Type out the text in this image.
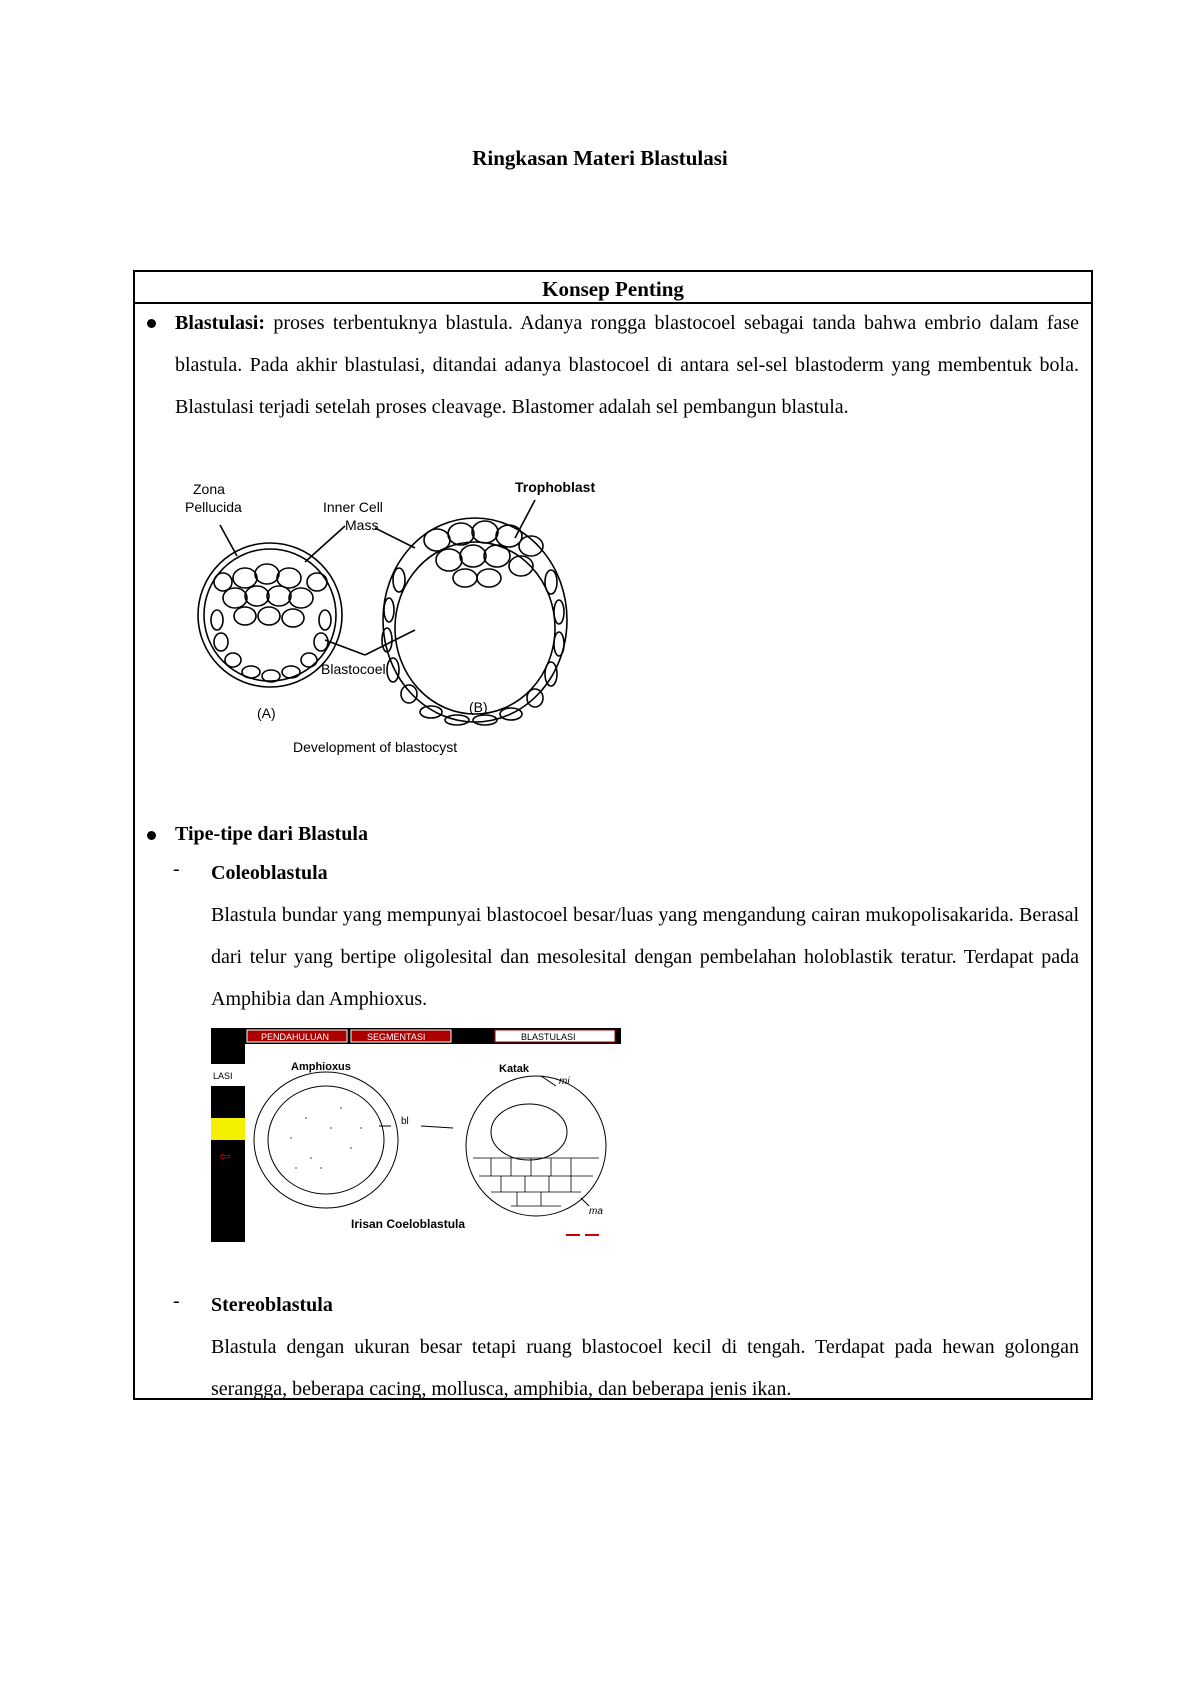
Ringkasan Materi Blastulasi
Konsep Penting
Blastulasi: proses terbentuknya blastula. Adanya rongga blastocoel sebagai tanda bahwa embrio dalam fase blastula. Pada akhir blastulasi, ditandai adanya blastocoel di antara sel-sel blastoderm yang membentuk bola. Blastulasi terjadi setelah proses cleavage. Blastomer adalah sel pembangun blastula.
Zona
Pellucida	Inner Cell
Mass
Trophoblast
Blastocoel
(A)	(B)
Development of blastocyst
Tipe-tipe dari Blastula
- Coleoblastula
Blastula bundar yang mempunyai blastocoel besar/luas yang mengandung cairan mukopolisakarida. Berasal dari telur yang bertipe oligolesital dan mesolesital dengan pembelahan holoblastik teratur. Terdapat pada Amphibia dan Amphioxus.
PENDAHULUAN	SEGMENTASI	BLASTULASI
LASI
⇦
Amphioxus	Katak
bl
mi
ma
Irisan Coeloblastula
- Stereoblastula
Blastula dengan ukuran besar tetapi ruang blastocoel kecil di tengah. Terdapat pada hewan golongan serangga, beberapa cacing, mollusca, amphibia, dan beberapa jenis ikan.
